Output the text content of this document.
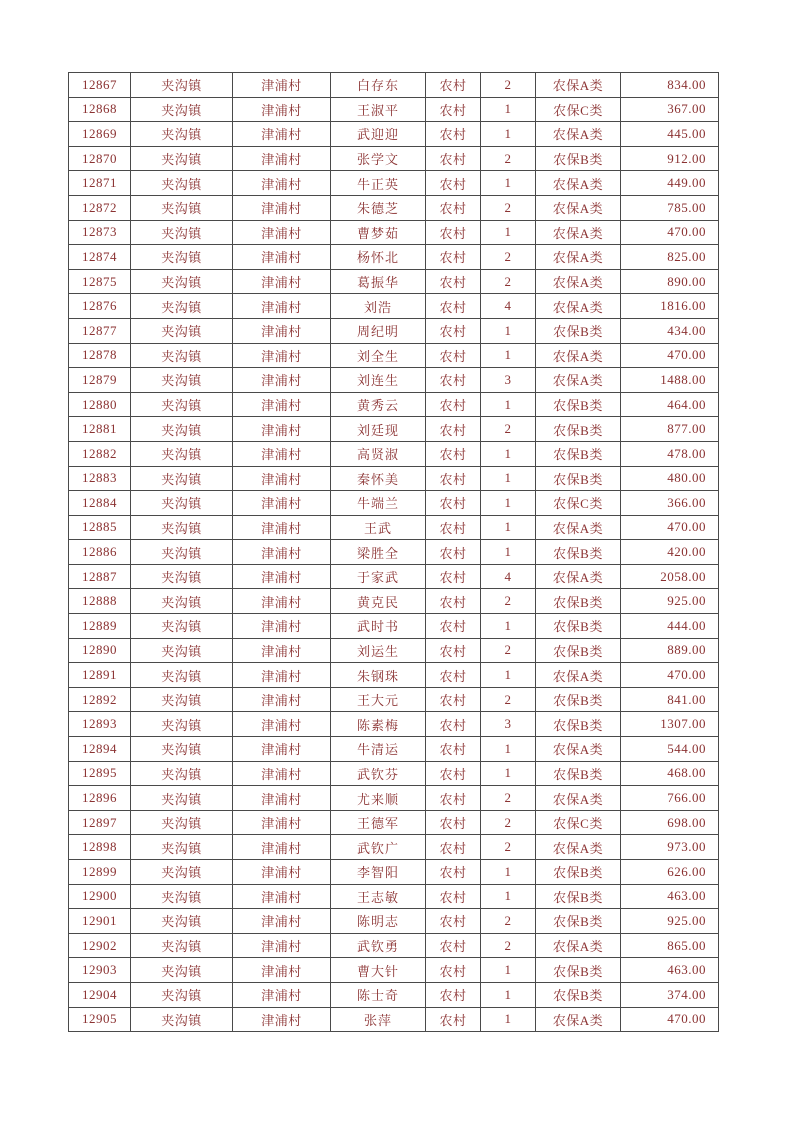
12867	夹沟镇	津浦村	白存东	农村	2	农保A类	834.00
12868	夹沟镇	津浦村	王淑平	农村	1	农保C类	367.00
12869	夹沟镇	津浦村	武迎迎	农村	1	农保A类	445.00
12870	夹沟镇	津浦村	张学文	农村	2	农保B类	912.00
12871	夹沟镇	津浦村	牛正英	农村	1	农保A类	449.00
12872	夹沟镇	津浦村	朱德芝	农村	2	农保A类	785.00
12873	夹沟镇	津浦村	曹梦茹	农村	1	农保A类	470.00
12874	夹沟镇	津浦村	杨怀北	农村	2	农保A类	825.00
12875	夹沟镇	津浦村	葛振华	农村	2	农保A类	890.00
12876	夹沟镇	津浦村	刘浩	农村	4	农保A类	1816.00
12877	夹沟镇	津浦村	周纪明	农村	1	农保B类	434.00
12878	夹沟镇	津浦村	刘全生	农村	1	农保A类	470.00
12879	夹沟镇	津浦村	刘连生	农村	3	农保A类	1488.00
12880	夹沟镇	津浦村	黄秀云	农村	1	农保B类	464.00
12881	夹沟镇	津浦村	刘廷现	农村	2	农保B类	877.00
12882	夹沟镇	津浦村	高贤淑	农村	1	农保B类	478.00
12883	夹沟镇	津浦村	秦怀美	农村	1	农保B类	480.00
12884	夹沟镇	津浦村	牛端兰	农村	1	农保C类	366.00
12885	夹沟镇	津浦村	王武	农村	1	农保A类	470.00
12886	夹沟镇	津浦村	梁胜全	农村	1	农保B类	420.00
12887	夹沟镇	津浦村	于家武	农村	4	农保A类	2058.00
12888	夹沟镇	津浦村	黄克民	农村	2	农保B类	925.00
12889	夹沟镇	津浦村	武时书	农村	1	农保B类	444.00
12890	夹沟镇	津浦村	刘运生	农村	2	农保B类	889.00
12891	夹沟镇	津浦村	朱钢珠	农村	1	农保A类	470.00
12892	夹沟镇	津浦村	王大元	农村	2	农保B类	841.00
12893	夹沟镇	津浦村	陈素梅	农村	3	农保B类	1307.00
12894	夹沟镇	津浦村	牛清运	农村	1	农保A类	544.00
12895	夹沟镇	津浦村	武钦芬	农村	1	农保B类	468.00
12896	夹沟镇	津浦村	尤来顺	农村	2	农保A类	766.00
12897	夹沟镇	津浦村	王德军	农村	2	农保C类	698.00
12898	夹沟镇	津浦村	武钦广	农村	2	农保A类	973.00
12899	夹沟镇	津浦村	李智阳	农村	1	农保B类	626.00
12900	夹沟镇	津浦村	王志敏	农村	1	农保B类	463.00
12901	夹沟镇	津浦村	陈明志	农村	2	农保B类	925.00
12902	夹沟镇	津浦村	武钦勇	农村	2	农保A类	865.00
12903	夹沟镇	津浦村	曹大针	农村	1	农保B类	463.00
12904	夹沟镇	津浦村	陈士奇	农村	1	农保B类	374.00
12905	夹沟镇	津浦村	张萍	农村	1	农保A类	470.00
